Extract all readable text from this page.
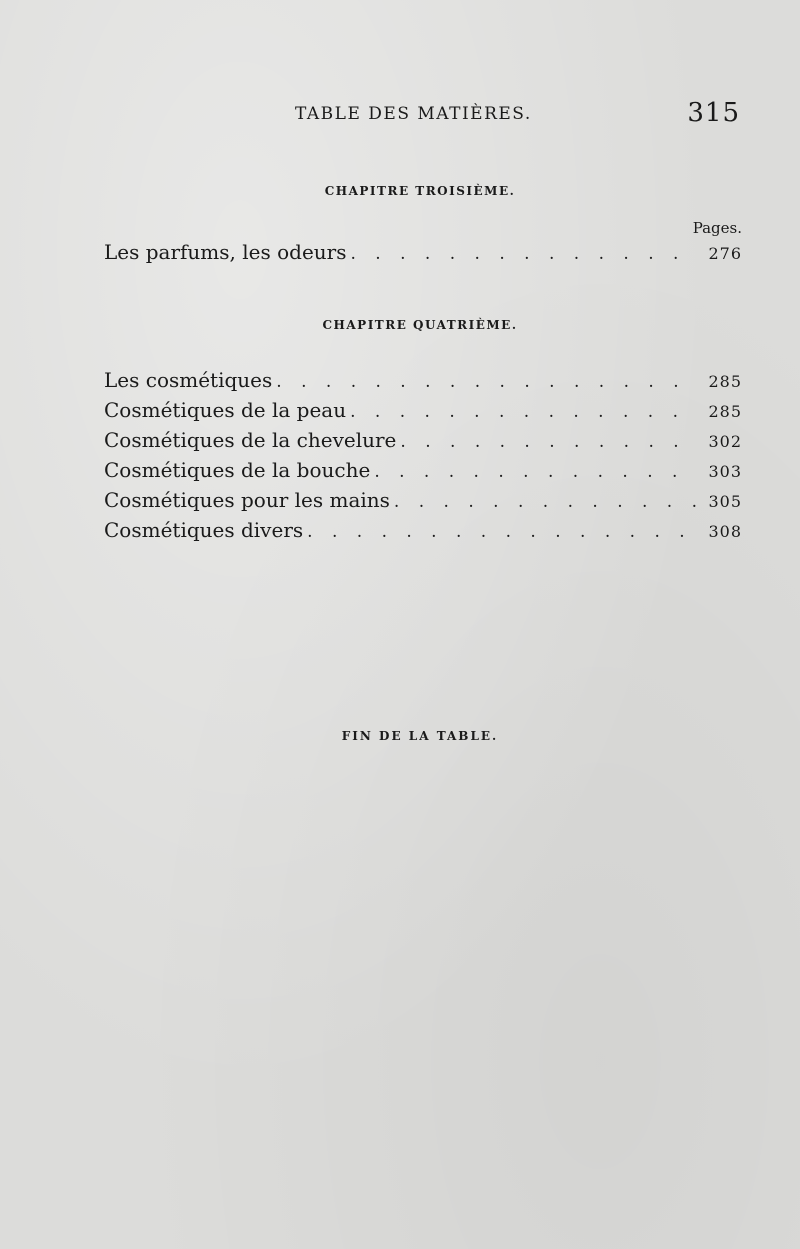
TABLE DES MATIÈRES.	315
CHAPITRE TROISIÈME.
Pages.
Les parfums, les odeurs . . .	276
CHAPITRE QUATRIÈME.
Les cosmétiques . . .	285
Cosmétiques de la peau . . .	285
Cosmétiques de la chevelure . . .	302
Cosmétiques de la bouche . . .	303
Cosmétiques pour les mains . . .	305
Cosmétiques divers . . .	308
FIN DE LA TABLE.
